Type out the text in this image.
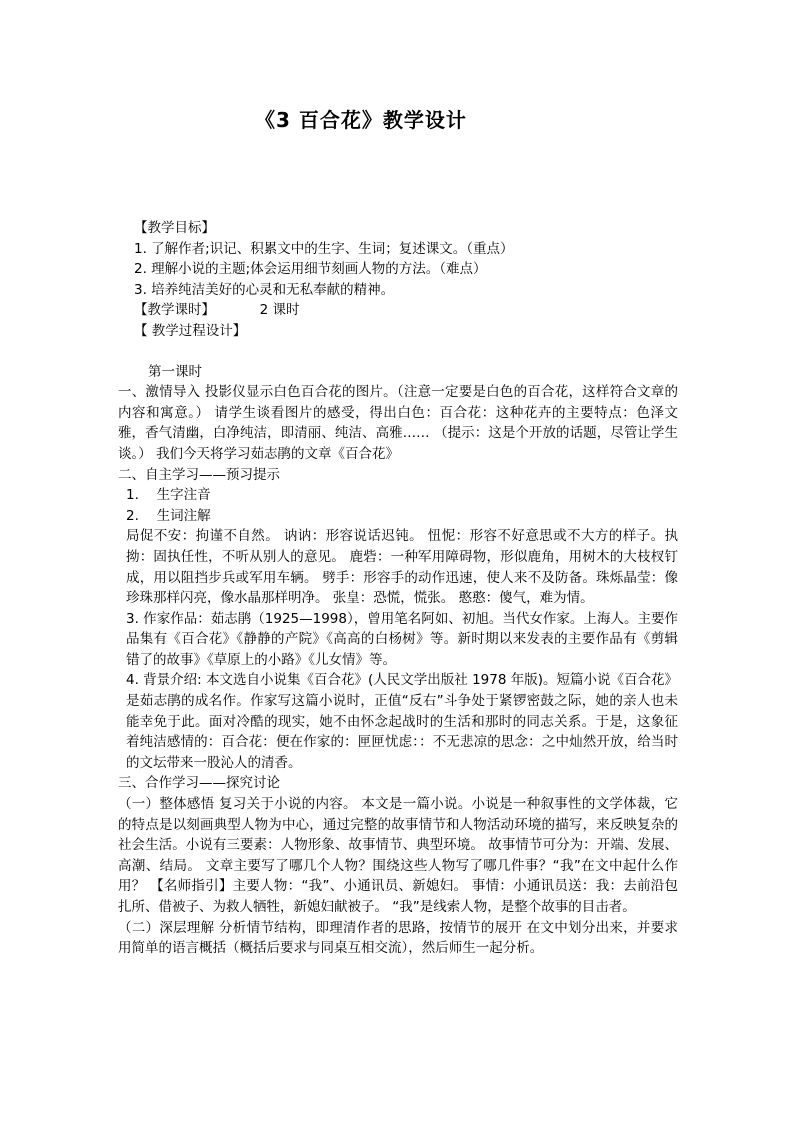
《3 百合花》教学设计
【教学目标】
1. 了解作者;识记、积累文中的生字、生词；复述课文。（重点）
2. 理解小说的主题;体会运用细节刻画人物的方法。（难点）
3. 培养纯洁美好的心灵和无私奉献的精神。
【教学课时】	2 课时
【 教学过程设计】
第一课时

一、激情导入 投影仪显示白色百合花的图片。（注意一定要是白色的百合花，这样符合文章的内容和寓意。） 请学生谈看图片的感受，得出白色：百合花：这种花卉的主要特点：色泽文雅，香气清幽，白净纯洁，即清丽、纯洁、高雅…… （提示：这是个开放的话题，尽管让学生谈。） 我们今天将学习茹志鹃的文章《百合花》

二、自主学习——预习提示
1. 生字注音
2. 生词注解

局促不安：拘谨不自然。 讷讷：形容说话迟钝。 忸怩：形容不好意思或不大方的样子。执拗：固执任性，不听从别人的意见。 鹿砦：一种军用障碍物，形似鹿角，用树木的大枝杈钉成，用以阻挡步兵或军用车辆。 劈手：形容手的动作迅速，使人来不及防备。珠烁晶莹：像珍珠那样闪亮，像水晶那样明净。 张皇：恐慌，慌张。 憨憨：傻气，难为情。

3. 作家作品：茹志鹃（1925—1998），曾用笔名阿如、初旭。当代女作家。上海人。主要作品集有《百合花》《静静的产院》《高高的白杨树》等。新时期以来发表的主要作品有《剪辑错了的故事》《草原上的小路》《儿女情》等。

4. 背景介绍: 本文选自小说集《百合花》(人民文学出版社 1978 年版)。短篇小说《百合花》是茹志鹃的成名作。作家写这篇小说时，正值“反右”斗争处于紧锣密鼓之际，她的亲人也未能幸免于此。面对冷酷的现实，她不由怀念起战时的生活和那时的同志关系。于是，这象征着纯洁感情的：百合花：便在作家的：匣匣忧虑：：不无悲凉的思念：之中灿然开放，给当时的文坛带来一股沁人的清香。

三、合作学习——探究讨论

（一）整体感悟 复习关于小说的内容。 本文是一篇小说。小说是一种叙事性的文学体裁，它的特点是以刻画典型人物为中心，通过完整的故事情节和人物活动环境的描写，来反映复杂的社会生活。小说有三要素：人物形象、故事情节、典型环境。 故事情节可分为：开端、发展、高潮、结局。 文章主要写了哪几个人物？围绕这些人物写了哪几件事？“我”在文中起什么作用？ 【名师指引】主要人物：“我”、小通讯员、新媳妇。 事情：小通讯员送：我：去前沿包扎所、借被子、为救人牺牲，新媳妇献被子。 “我”是线索人物，是整个故事的目击者。

（二）深层理解 分析情节结构，即理清作者的思路，按情节的展开 在文中划分出来，并要求用简单的语言概括（概括后要求与同桌互相交流），然后师生一起分析。
